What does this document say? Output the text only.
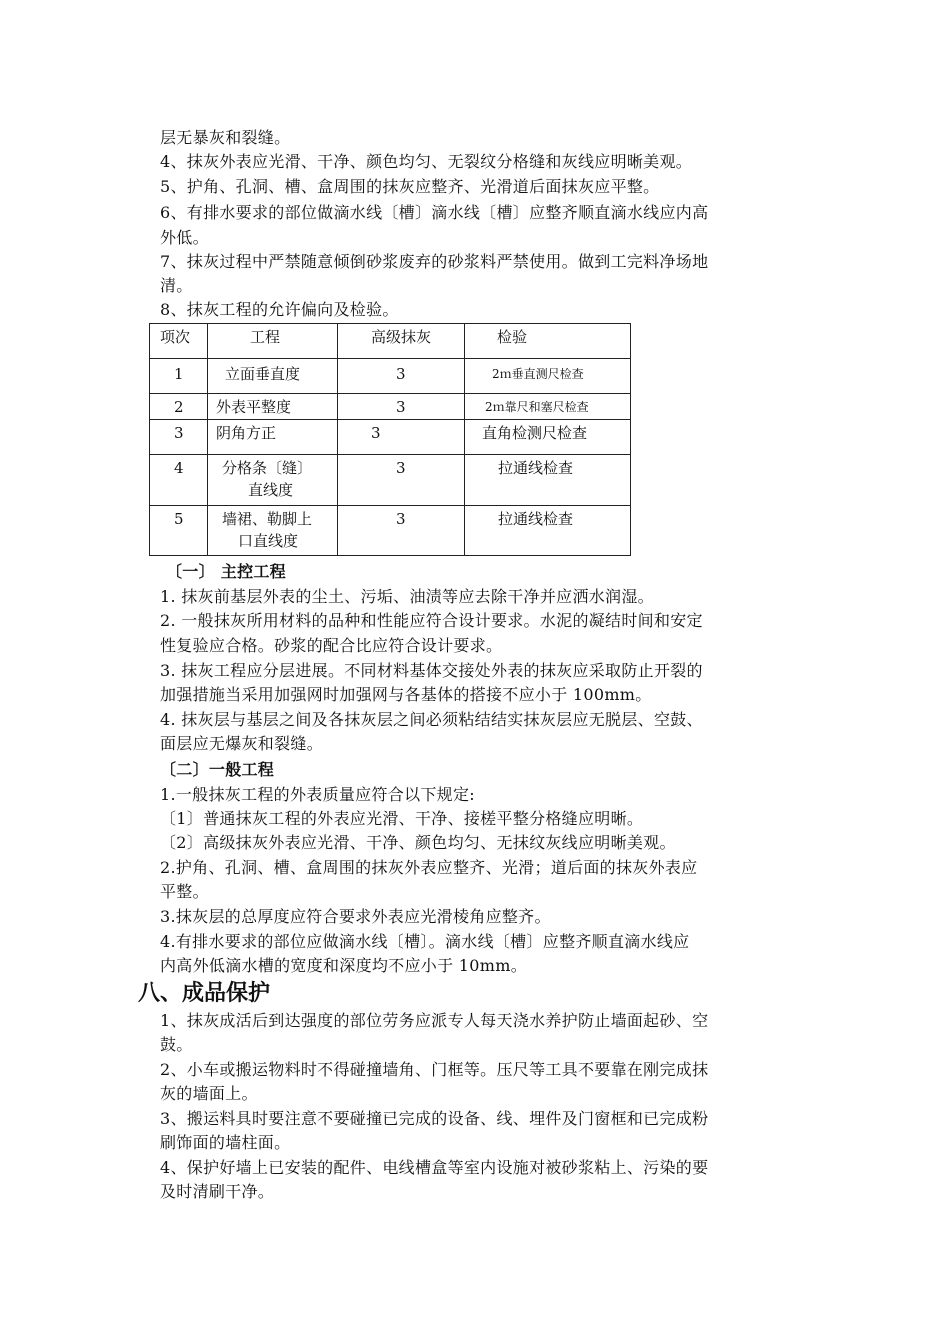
层无暴灰和裂缝。
4、抹灰外表应光滑、干净、颜色均匀、无裂纹分格缝和灰线应明晰美观。
5、护角、孔洞、槽、盒周围的抹灰应整齐、光滑道后面抹灰应平整。
6、有排水要求的部位做滴水线〔槽〕滴水线〔槽〕应整齐顺直滴水线应内高
外低。
7、抹灰过程中严禁随意倾倒砂浆废弃的砂浆料严禁使用。做到工完料净场地
清。
8、抹灰工程的允许偏向及检验。
项次	工程	高级抹灰	检验

1	立面垂直度	3	2ｍ垂直测尺检查

2	外表平整度	3	2ｍ靠尺和塞尺检查

3	阴角方正	3	直角检测尺检查

4	分格条〔缝〕
直线度	3	拉通线检查

5	墙裙、勒脚上
口直线度	3	拉通线检查
〔一〕 主控工程
1. 抹灰前基层外表的尘土、污垢、油渍等应去除干净并应洒水润湿。
2. 一般抹灰所用材料的品种和性能应符合设计要求。水泥的凝结时间和安定
性复验应合格。砂浆的配合比应符合设计要求。
3. 抹灰工程应分层进展。不同材料基体交接处外表的抹灰应采取防止开裂的
加强措施当采用加强网时加强网与各基体的搭接不应小于 100mm。
4. 抹灰层与基层之间及各抹灰层之间必须粘结结实抹灰层应无脱层、空鼓、
面层应无爆灰和裂缝。
〔二〕一般工程
1.一般抹灰工程的外表质量应符合以下规定:
〔1〕普通抹灰工程的外表应光滑、干净、接槎平整分格缝应明晰。
〔2〕高级抹灰外表应光滑、干净、颜色均匀、无抹纹灰线应明晰美观。
2.护角、孔洞、槽、盒周围的抹灰外表应整齐、光滑；道后面的抹灰外表应
平整。
3.抹灰层的总厚度应符合要求外表应光滑棱角应整齐。
4.有排水要求的部位应做滴水线〔槽〕。滴水线〔槽〕应整齐顺直滴水线应
内高外低滴水槽的宽度和深度均不应小于 10mm。
八、成品保护
1、抹灰成活后到达强度的部位劳务应派专人每天浇水养护防止墙面起砂、空
鼓。
2、小车或搬运物料时不得碰撞墙角、门框等。压尺等工具不要靠在刚完成抹
灰的墙面上。
3、搬运料具时要注意不要碰撞已完成的设备、线、埋件及门窗框和已完成粉
刷饰面的墙柱面。
4、保护好墙上已安装的配件、电线槽盒等室内设施对被砂浆粘上、污染的要
及时清刷干净。
